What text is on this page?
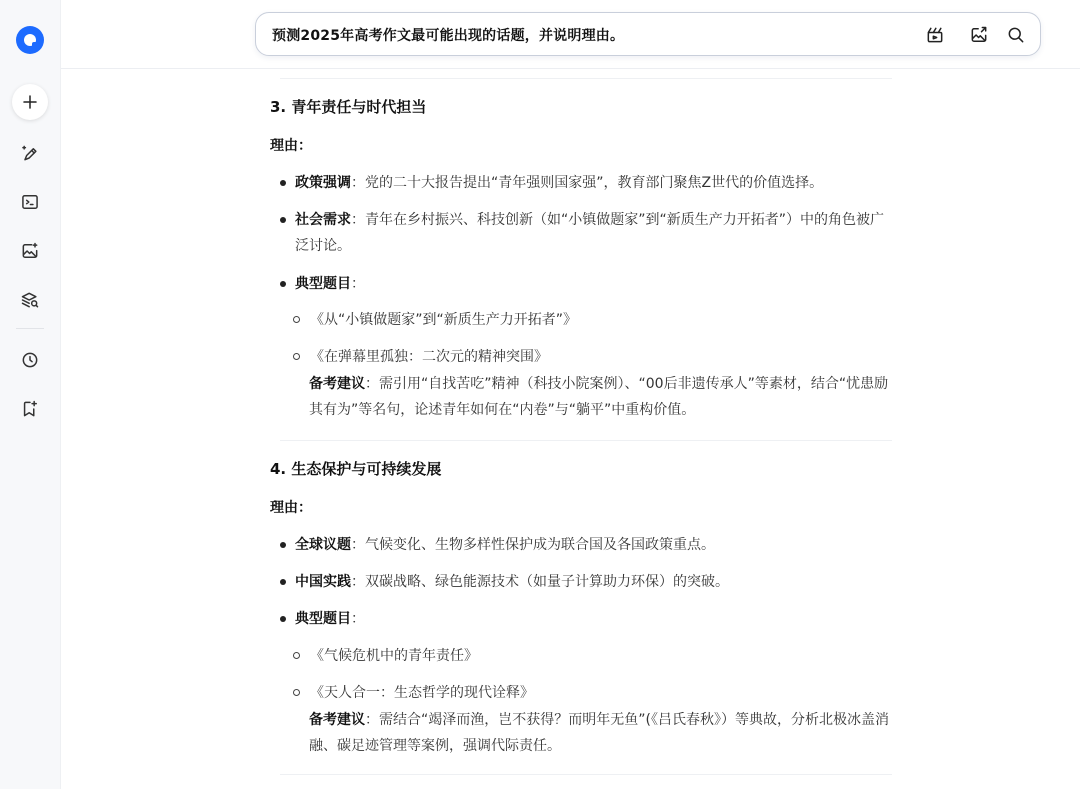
预测2025年高考作文最可能出现的话题，并说明理由。
3. 青年责任与时代担当
理由：
政策强调：党的二十大报告提出“青年强则国家强”，教育部门聚焦Z世代的价值选择。
社会需求：青年在乡村振兴、科技创新（如“小镇做题家”到“新质生产力开拓者”）中的角色被广泛讨论。
典型题目：
《从“小镇做题家”到“新质生产力开拓者”》
《在弹幕里孤独：二次元的精神突围》
备考建议：需引用“自找苦吃”精神（科技小院案例）、“00后非遗传承人”等素材，结合“忧患励其有为”等名句，论述青年如何在“内卷”与“躺平”中重构价值。
4. 生态保护与可持续发展
理由：
全球议题：气候变化、生物多样性保护成为联合国及各国政策重点。
中国实践：双碳战略、绿色能源技术（如量子计算助力环保）的突破。
典型题目：
《气候危机中的青年责任》
《天人合一：生态哲学的现代诠释》
备考建议：需结合“竭泽而渔，岂不获得？而明年无鱼”(《吕氏春秋》）等典故，分析北极冰盖消融、碳足迹管理等案例，强调代际责任。
